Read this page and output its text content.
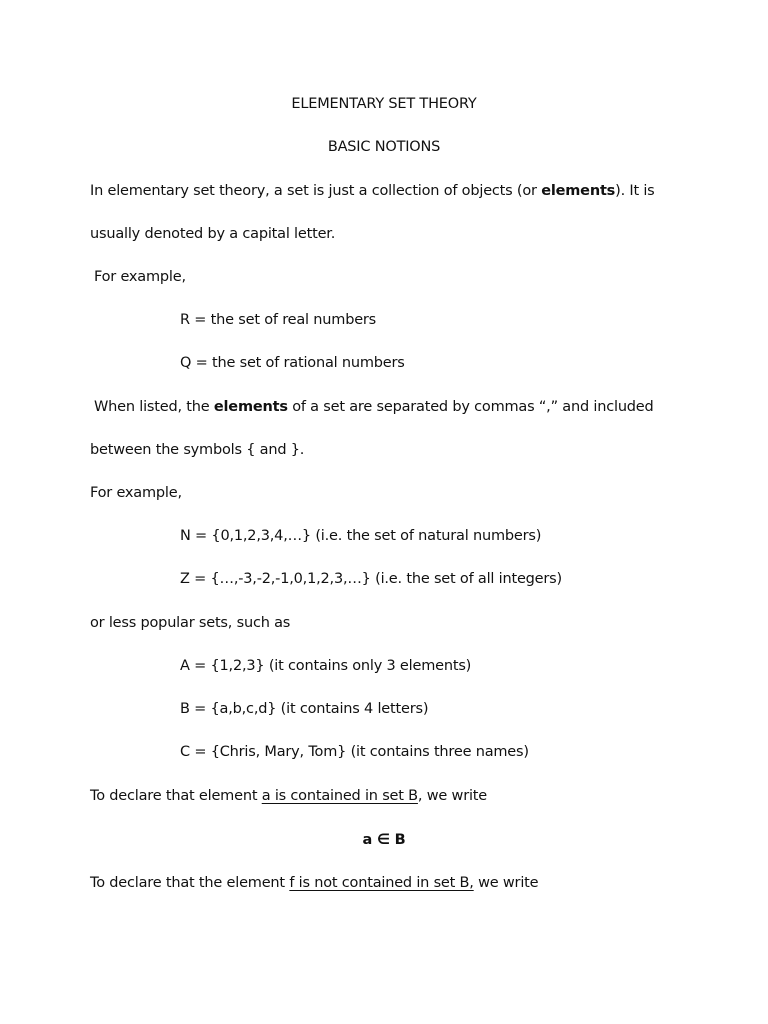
ELEMENTARY SET THEORY
BASIC NOTIONS
In elementary set theory, a set is just a collection of objects (or elements). It is
usually denoted by a capital letter.
For example,
R = the set of real numbers
Q = the set of rational numbers
When listed, the elements of a set are separated by commas “,” and included
between the symbols { and }.
For example,
N = {0,1,2,3,4,…} (i.e. the set of natural numbers)
Z = {…,-3,-2,-1,0,1,2,3,…} (i.e. the set of all integers)
or less popular sets, such as
A = {1,2,3} (it contains only 3 elements)
B = {a,b,c,d} (it contains 4 letters)
C = {Chris, Mary, Tom} (it contains three names)
To declare that element a is contained in set B, we write
a ∈ B
To declare that the element f is not contained in set B, we write
